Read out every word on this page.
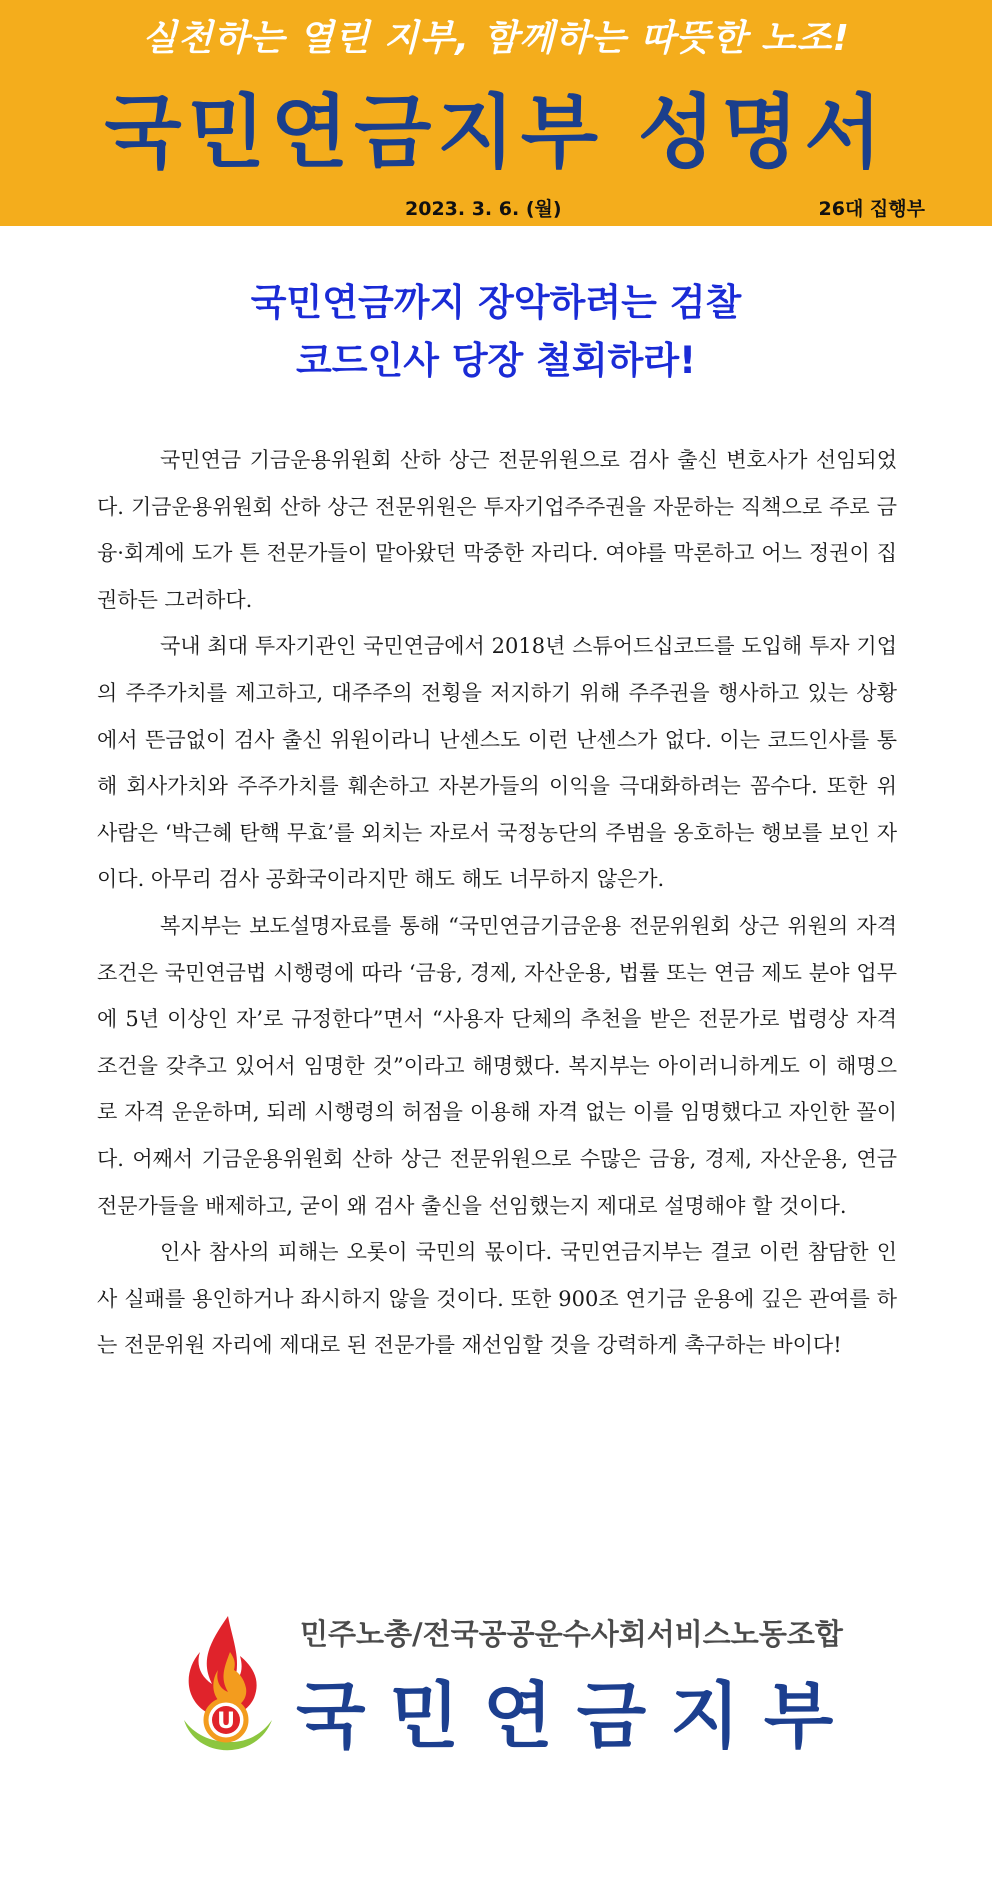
실천하는 열린 지부, 함께하는 따뜻한 노조!
국민연금지부 성명서
2023. 3. 6. (월)	26대 집행부
국민연금까지 장악하려는 검찰
코드인사 당장 철회하라!

국민연금 기금운용위원회 산하 상근 전문위원으로 검사 출신 변호사가 선임되었다. 기금운용위원회 산하 상근 전문위원은 투자기업주주권을 자문하는 직책으로 주로 금융·회계에 도가 튼 전문가들이 맡아왔던 막중한 자리다. 여야를 막론하고 어느 정권이 집권하든 그러하다.

국내 최대 투자기관인 국민연금에서 2018년 스튜어드십코드를 도입해 투자 기업의 주주가치를 제고하고, 대주주의 전횡을 저지하기 위해 주주권을 행사하고 있는 상황에서 뜬금없이 검사 출신 위원이라니 난센스도 이런 난센스가 없다. 이는 코드인사를 통해 회사가치와 주주가치를 훼손하고 자본가들의 이익을 극대화하려는 꼼수다. 또한 위 사람은 ‘박근혜 탄핵 무효’를 외치는 자로서 국정농단의 주범을 옹호하는 행보를 보인 자이다. 아무리 검사 공화국이라지만 해도 해도 너무하지 않은가.

복지부는 보도설명자료를 통해 “국민연금기금운용 전문위원회 상근 위원의 자격조건은 국민연금법 시행령에 따라 ‘금융, 경제, 자산운용, 법률 또는 연금 제도 분야 업무에 5년 이상인 자’로 규정한다”면서 “사용자 단체의 추천을 받은 전문가로 법령상 자격 조건을 갖추고 있어서 임명한 것”이라고 해명했다. 복지부는 아이러니하게도 이 해명으로 자격 운운하며, 되레 시행령의 허점을 이용해 자격 없는 이를 임명했다고 자인한 꼴이다. 어째서 기금운용위원회 산하 상근 전문위원으로 수많은 금융, 경제, 자산운용, 연금 전문가들을 배제하고, 굳이 왜 검사 출신을 선임했는지 제대로 설명해야 할 것이다.

인사 참사의 피해는 오롯이 국민의 몫이다. 국민연금지부는 결코 이런 참담한 인사 실패를 용인하거나 좌시하지 않을 것이다. 또한 900조 연기금 운용에 깊은 관여를 하는 전문위원 자리에 제대로 된 전문가를 재선임할 것을 강력하게 촉구하는 바이다!

U
민주노총/전국공공운수사회서비스노동조합
국민연금지부
